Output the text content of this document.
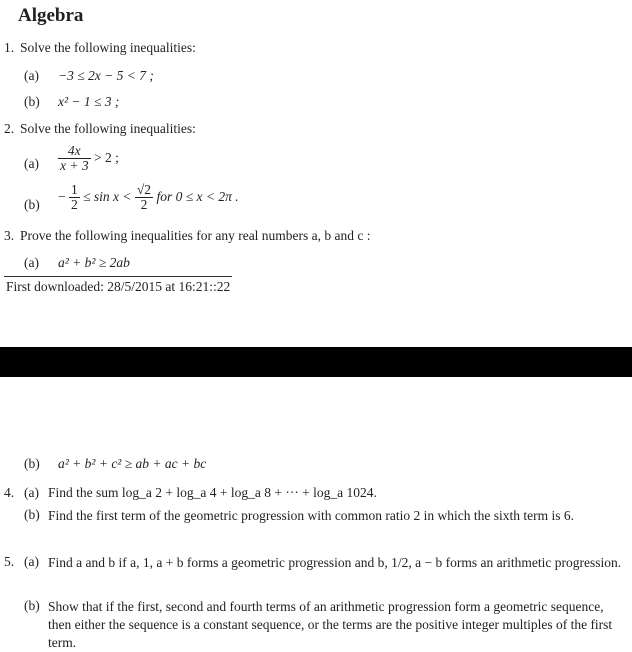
Algebra
1. Solve the following inequalities:
(a) −3 ≤ 2x − 5 < 7 ;
(b) x² − 1 ≤ 3 ;
2. Solve the following inequalities:
$(a) \frac{4x}{x + 3} > 2$ ;
(b)
− $\frac{1}{2} \le \sin x < \frac{√2}{2}$ for 0 ≤ x < 2π .
3. Prove the following inequalities for any real numbers a, b and c :
(a) a² + b² ≥ 2ab
First downloaded: 28/5/2015 at 16:21::22
(b) a² + b² + c² ≥ ab + ac + bc
4. (a) Find the sum log_a 2 + log_a 4 + log_a 8 + ··· + log_a 1024.
(b) Find the first term of the geometric progression with common ratio 2 in which the sixth term is 6.
5. (a) Find a and b if a, 1, a + b forms a geometric progression and b, 1/2, a − b forms an arithmetic progression.
(b) Show that if the first, second and fourth terms of an arithmetic progression form a geometric sequence, then either the sequence is a constant sequence, or the terms are the positive integer multiples of the first term.
